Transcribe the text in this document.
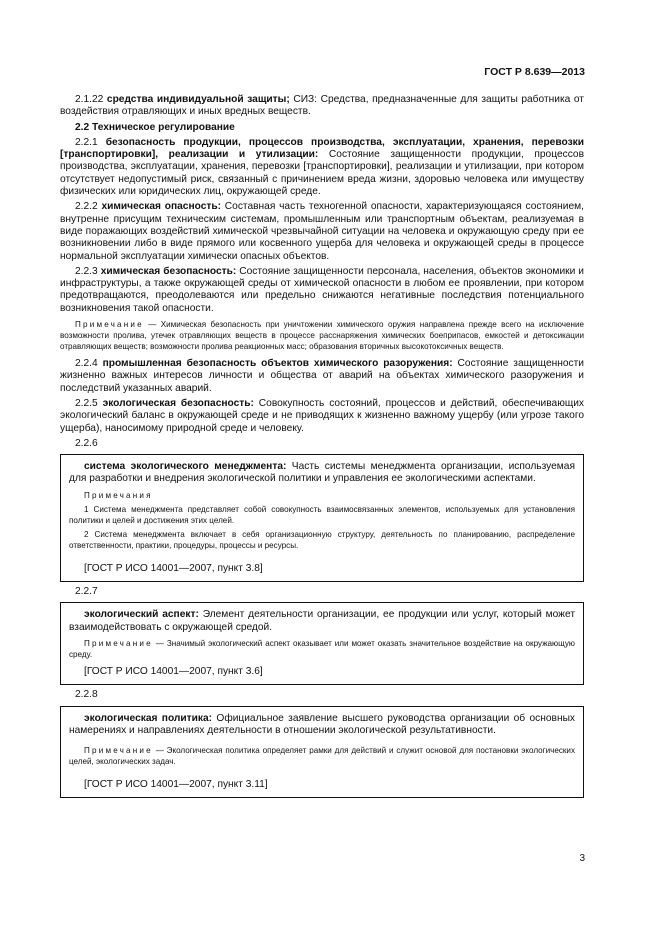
ГОСТ Р 8.639—2013
2.1.22 средства индивидуальной защиты; СИЗ: Средства, предназначенные для защиты работника от воздействия отравляющих и иных вредных веществ.
2.2 Техническое регулирование
2.2.1 безопасность продукции, процессов производства, эксплуатации, хранения, перевозки [транспортировки], реализации и утилизации: Состояние защищенности продукции, процессов производства, эксплуатации, хранения, перевозки [транспортировки], реализации и утилизации, при котором отсутствует недопустимый риск, связанный с причинением вреда жизни, здоровью человека или имуществу физических или юридических лиц, окружающей среде.
2.2.2 химическая опасность: Составная часть техногенной опасности, характеризующаяся состоянием, внутренне присущим техническим системам, промышленным или транспортным объектам, реализуемая в виде поражающих воздействий химической чрезвычайной ситуации на человека и окружающую среду при ее возникновении либо в виде прямого или косвенного ущерба для человека и окружающей среды в процессе нормальной эксплуатации химически опасных объектов.
2.2.3 химическая безопасность: Состояние защищенности персонала, населения, объектов экономики и инфраструктуры, а также окружающей среды от химической опасности в любом ее проявлении, при котором предотвращаются, преодолеваются или предельно снижаются негативные последствия потенциального возникновения такой опасности.
Примечание — Химическая безопасность при уничтожении химического оружия направлена прежде всего на исключение возможности пролива, утечек отравляющих веществ в процессе расснаряжения химических боеприпасов, емкостей и детоксикации отравляющих веществ; возможности пролива реакционных масс; образования вторичных высокотоксичных веществ.
2.2.4 промышленная безопасность объектов химического разоружения: Состояние защищенности жизненно важных интересов личности и общества от аварий на объектах химического разоружения и последствий указанных аварий.
2.2.5 экологическая безопасность: Совокупность состояний, процессов и действий, обеспечивающих экологический баланс в окружающей среде и не приводящих к жизненно важному ущербу (или угрозе такого ущерба), наносимому природной среде и человеку.
2.2.6
система экологического менеджмента: Часть системы менеджмента организации, используемая для разработки и внедрения экологической политики и управления ее экологическими аспектами.
Примечания
1 Система менеджмента представляет собой совокупность взаимосвязанных элементов, используемых для установления политики и целей и достижения этих целей.
2 Система менеджмента включает в себя организационную структуру, деятельность по планированию, распределение ответственности, практики, процедуры, процессы и ресурсы.
[ГОСТ Р ИСО 14001—2007, пункт 3.8]
2.2.7
экологический аспект: Элемент деятельности организации, ее продукции или услуг, который может взаимодействовать с окружающей средой.
Примечание — Значимый экологический аспект оказывает или может оказать значительное воздействие на окружающую среду.
[ГОСТ Р ИСО 14001—2007, пункт 3.6]
2.2.8
экологическая политика: Официальное заявление высшего руководства организации об основных намерениях и направлениях деятельности в отношении экологической результативности.
Примечание — Экологическая политика определяет рамки для действий и служит основой для постановки экологических целей, экологических задач.
[ГОСТ Р ИСО 14001—2007, пункт 3.11]
3
